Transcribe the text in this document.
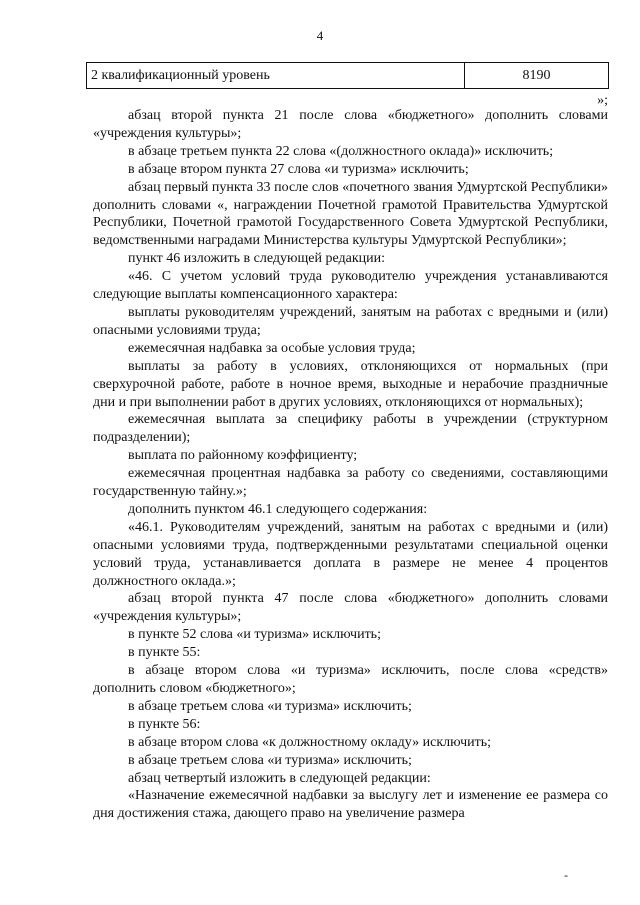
4
2 квалификационный уровень	8190
»;

абзац второй пункта 21 после слова «бюджетного» дополнить словами «учреждения культуры»;

в абзаце третьем пункта 22 слова «(должностного оклада)» исключить;

в абзаце втором пункта 27 слова «и туризма» исключить;

абзац первый пункта 33 после слов «почетного звания Удмуртской Республики» дополнить словами «, награждении Почетной грамотой Правительства Удмуртской Республики, Почетной грамотой Государственного Совета Удмуртской Республики, ведомственными наградами Министерства культуры Удмуртской Республики»;

пункт 46 изложить в следующей редакции:

«46. С учетом условий труда руководителю учреждения устанавливаются следующие выплаты компенсационного характера:

выплаты руководителям учреждений, занятым на работах с вредными и (или) опасными условиями труда;

ежемесячная надбавка за особые условия труда;

выплаты за работу в условиях, отклоняющихся от нормальных (при сверхурочной работе, работе в ночное время, выходные и нерабочие праздничные дни и при выполнении работ в других условиях, отклоняющихся от нормальных);

ежемесячная выплата за специфику работы в учреждении (структурном подразделении);

выплата по районному коэффициенту;

ежемесячная процентная надбавка за работу со сведениями, составляющими государственную тайну.»;

дополнить пунктом 46.1 следующего содержания:

«46.1. Руководителям учреждений, занятым на работах с вредными и (или) опасными условиями труда, подтвержденными результатами специальной оценки условий труда, устанавливается доплата в размере не менее 4 процентов должностного оклада.»;

абзац второй пункта 47 после слова «бюджетного» дополнить словами «учреждения культуры»;

в пункте 52 слова «и туризма» исключить;

в пункте 55:

в абзаце втором слова «и туризма» исключить, после слова «средств» дополнить словом «бюджетного»;

в абзаце третьем слова «и туризма» исключить;

в пункте 56:

в абзаце втором слова «к должностному окладу» исключить;

в абзаце третьем слова «и туризма» исключить;

абзац четвертый изложить в следующей редакции:

«Назначение ежемесячной надбавки за выслугу лет и изменение ее размера со дня достижения стажа, дающего право на увеличение размера

-
